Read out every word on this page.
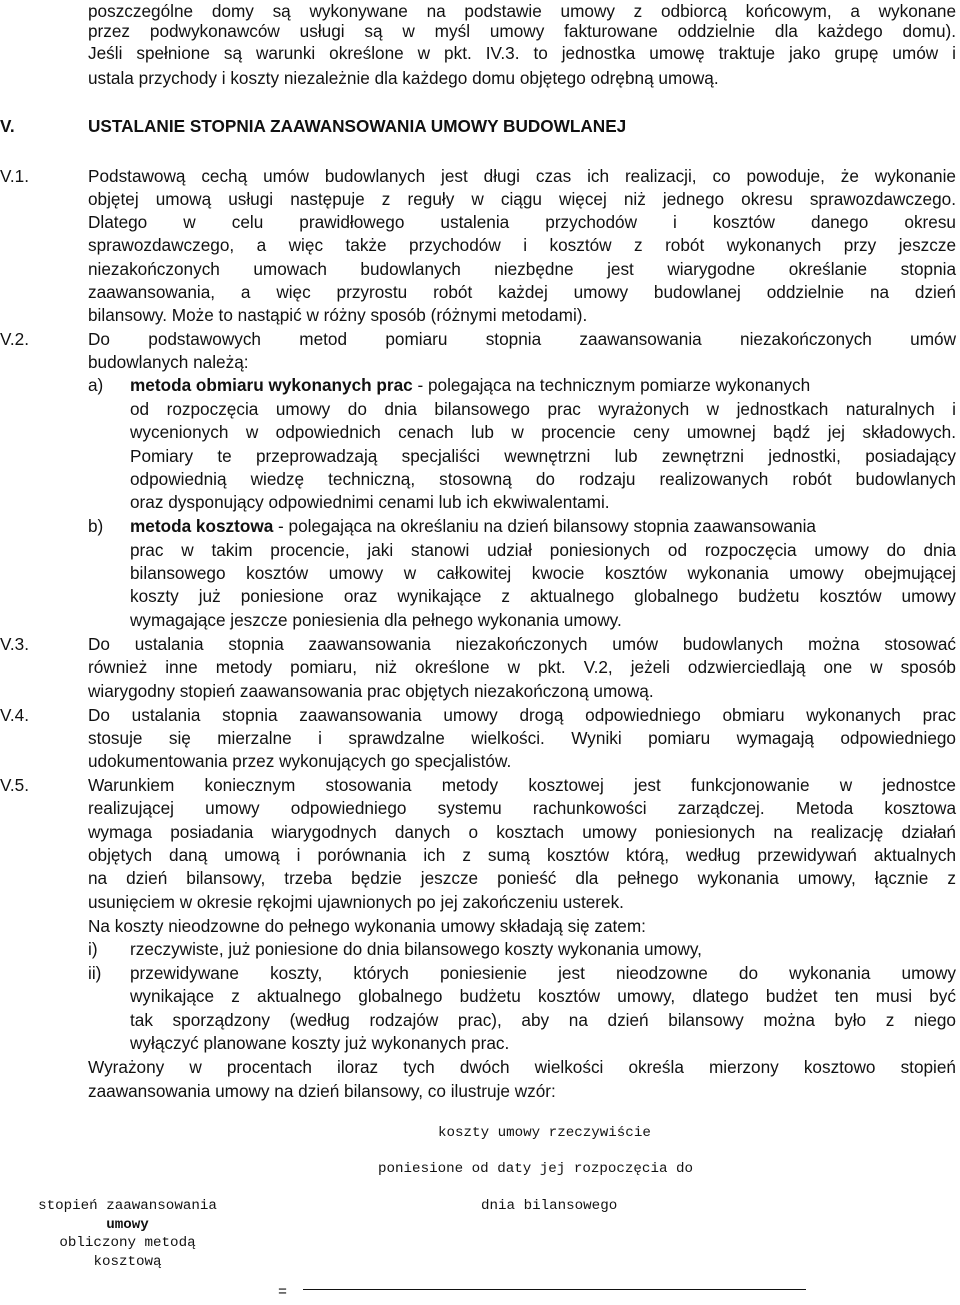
poszczególne domy są wykonywane na podstawie umowy z odbiorcą końcowym, a wykonane
przez podwykonawców usługi są w myśl umowy fakturowane oddzielnie dla każdego domu).
Jeśli spełnione są warunki określone w pkt. IV.3. to jednostka umowę traktuje jako grupę umów i
ustala przychody i koszty niezależnie dla każdego domu objętego odrębną umową.
V.	USTALANIE STOPNIA ZAAWANSOWANIA UMOWY BUDOWLANEJ
V.1.	Podstawową cechą umów budowlanych jest długi czas ich realizacji, co powoduje, że wykonanie
objętej umową usługi następuje z reguły w ciągu więcej niż jednego okresu sprawozdawczego.
Dlatego w celu prawidłowego ustalenia przychodów i kosztów danego okresu
sprawozdawczego, a więc także przychodów i kosztów z robót wykonanych przy jeszcze
niezakończonych umowach budowlanych niezbędne jest wiarygodne określanie stopnia
zaawansowania, a więc przyrostu robót każdej umowy budowlanej oddzielnie na dzień
bilansowy. Może to nastąpić w różny sposób (różnymi metodami).
V.2.	Do podstawowych metod pomiaru stopnia zaawansowania niezakończonych umów
budowlanych należą:
a) metoda obmiaru wykonanych prac - polegająca na technicznym pomiarze wykonanych
od rozpoczęcia umowy do dnia bilansowego prac wyrażonych w jednostkach naturalnych i
wycenionych w odpowiednich cenach lub w procencie ceny umownej bądź jej składowych.
Pomiary te przeprowadzają specjaliści wewnętrzni lub zewnętrzni jednostki, posiadający
odpowiednią wiedzę techniczną, stosowną do rodzaju realizowanych robót budowlanych
oraz dysponujący odpowiednimi cenami lub ich ekwiwalentami.
b) metoda kosztowa - polegająca na określaniu na dzień bilansowy stopnia zaawansowania
prac w takim procencie, jaki stanowi udział poniesionych od rozpoczęcia umowy do dnia
bilansowego kosztów umowy w całkowitej kwocie kosztów wykonania umowy obejmującej
koszty już poniesione oraz wynikające z aktualnego globalnego budżetu kosztów umowy
wymagające jeszcze poniesienia dla pełnego wykonania umowy.
V.3.	Do ustalania stopnia zaawansowania niezakończonych umów budowlanych można stosować
również inne metody pomiaru, niż określone w pkt. V.2, jeżeli odzwierciedlają one w sposób
wiarygodny stopień zaawansowania prac objętych niezakończoną umową.
V.4.	Do ustalania stopnia zaawansowania umowy drogą odpowiedniego obmiaru wykonanych prac
stosuje się mierzalne i sprawdzalne wielkości. Wyniki pomiaru wymagają odpowiedniego
udokumentowania przez wykonujących go specjalistów.
V.5.	Warunkiem koniecznym stosowania metody kosztowej jest funkcjonowanie w jednostce
realizującej umowy odpowiedniego systemu rachunkowości zarządczej. Metoda kosztowa
wymaga posiadania wiarygodnych danych o kosztach umowy poniesionych na realizację działań
objętych daną umową i porównania ich z sumą kosztów którą, według przewidywań aktualnych
na dzień bilansowy, trzeba będzie jeszcze ponieść dla pełnego wykonania umowy, łącznie z
usunięciem w okresie rękojmi ujawnionych po jej zakończeniu usterek.
Na koszty nieodzowne do pełnego wykonania umowy składają się zatem:
i) rzeczywiste, już poniesione do dnia bilansowego koszty wykonania umowy,
ii) przewidywane koszty, których poniesienie jest nieodzowne do wykonania umowy
wynikające z aktualnego globalnego budżetu kosztów umowy, dlatego budżet ten musi być
tak sporządzony (według rodzajów prac), aby na dzień bilansowy można było z niego
wyłączyć planowane koszty już wykonanych prac.
Wyrażony w procentach iloraz tych dwóch wielkości określa mierzony kosztowo stopień
zaawansowania umowy na dzień bilansowy, co ilustruje wzór:
koszty umowy rzeczywiście
poniesione od daty jej rozpoczęcia do
dnia bilansowego
stopień zaawansowania
umowy
obliczony metodą
kosztową
=
